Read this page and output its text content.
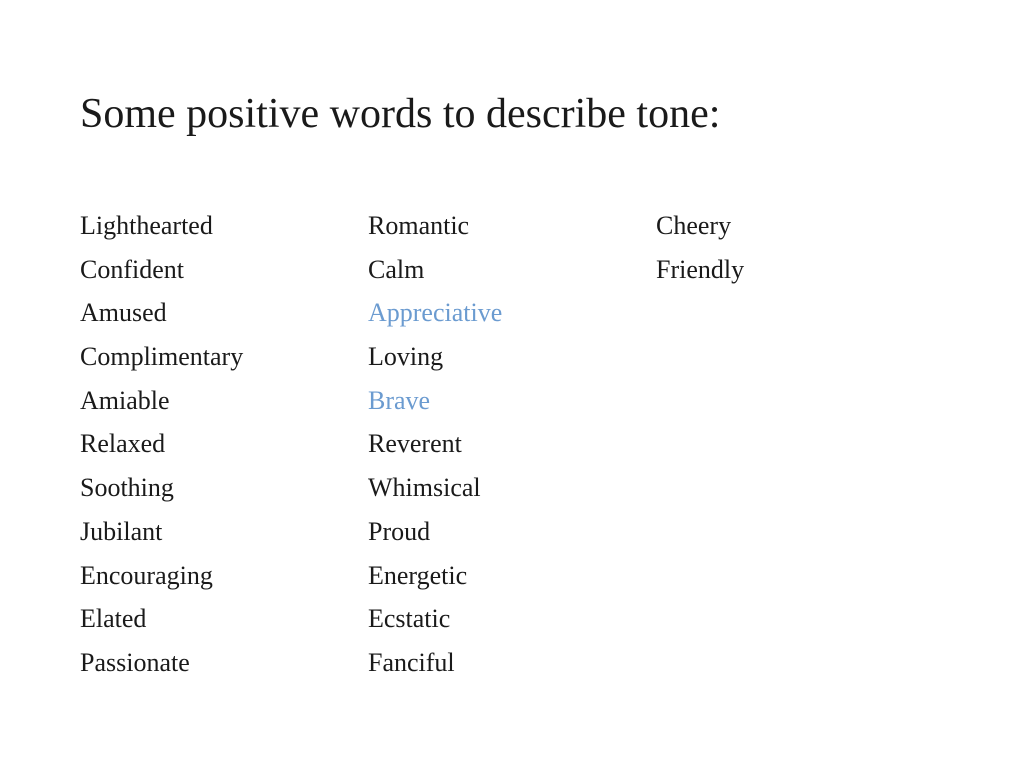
Some positive words to describe tone:
Lighthearted
Confident
Amused
Complimentary
Amiable
Relaxed
Soothing
Jubilant
Encouraging
Elated
Passionate
Romantic
Calm
Appreciative
Loving
Brave
Reverent
Whimsical
Proud
Energetic
Ecstatic
Fanciful
Cheery
Friendly
